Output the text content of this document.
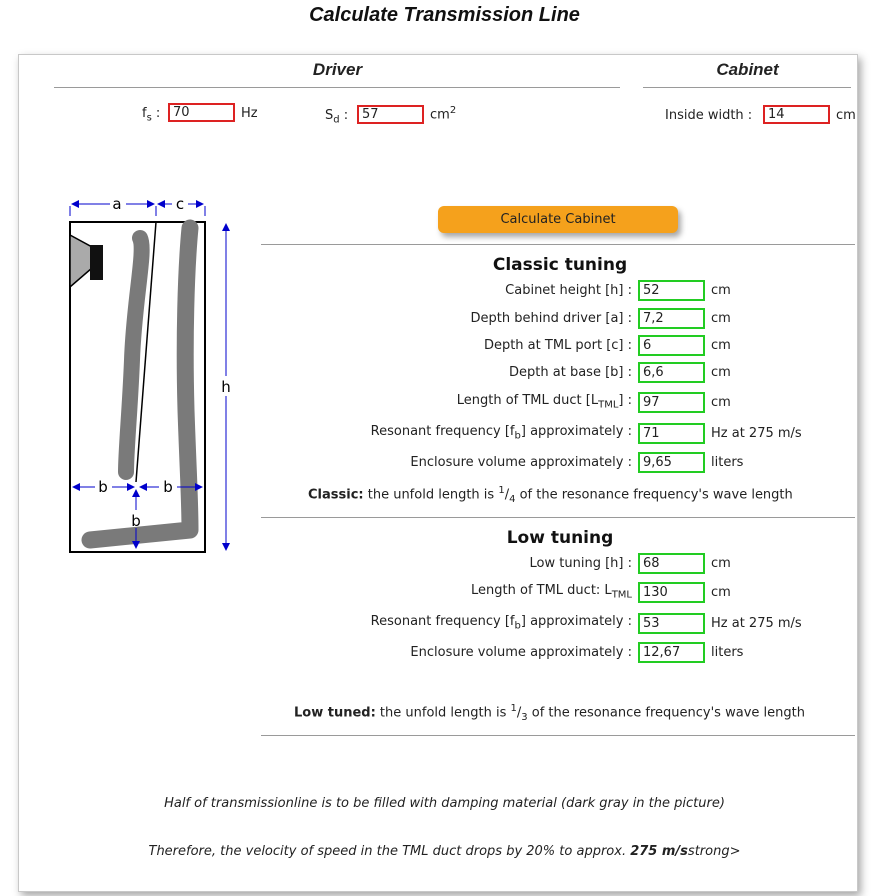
Calculate Transmission Line
Driver	Cabinet
$f_s$ :
70	Hz	$S_d$ :
57	$cm^2$	Inside width :
14	cm
Calculate Cabinet
a	c
h
b	b
b
Classic tuning
Cabinet height [h] :
52	cm
Depth behind driver [a] :
7,2	cm
Depth at TML port [c] :
6	cm
Depth at base [b] :
6,6	cm
Length of TML duct $[L_{TML}]$ :
97	cm
Resonant frequency $[f_b]$ approximately :
71	Hz at 275 m/s
Enclosure volume approximately :
9,65	liters
Classic: the unfold length is $^1/_4$ of the resonance frequency's wave length
Low tuning
Low tuning [h] :
68	cm
Length of TML duct: $L_{TML}$
130	cm
Resonant frequency $[f_b]$ approximately :
53	Hz at 275 m/s
Enclosure volume approximately :
12,67	liters
Low tuned: the unfold length is $^1/_3$ of the resonance frequency's wave length
Half of transmissionline is to be filled with damping material (dark gray in the picture)
Therefore, the velocity of speed in the TML duct drops by 20% to approx. 275 m/sstrong>
